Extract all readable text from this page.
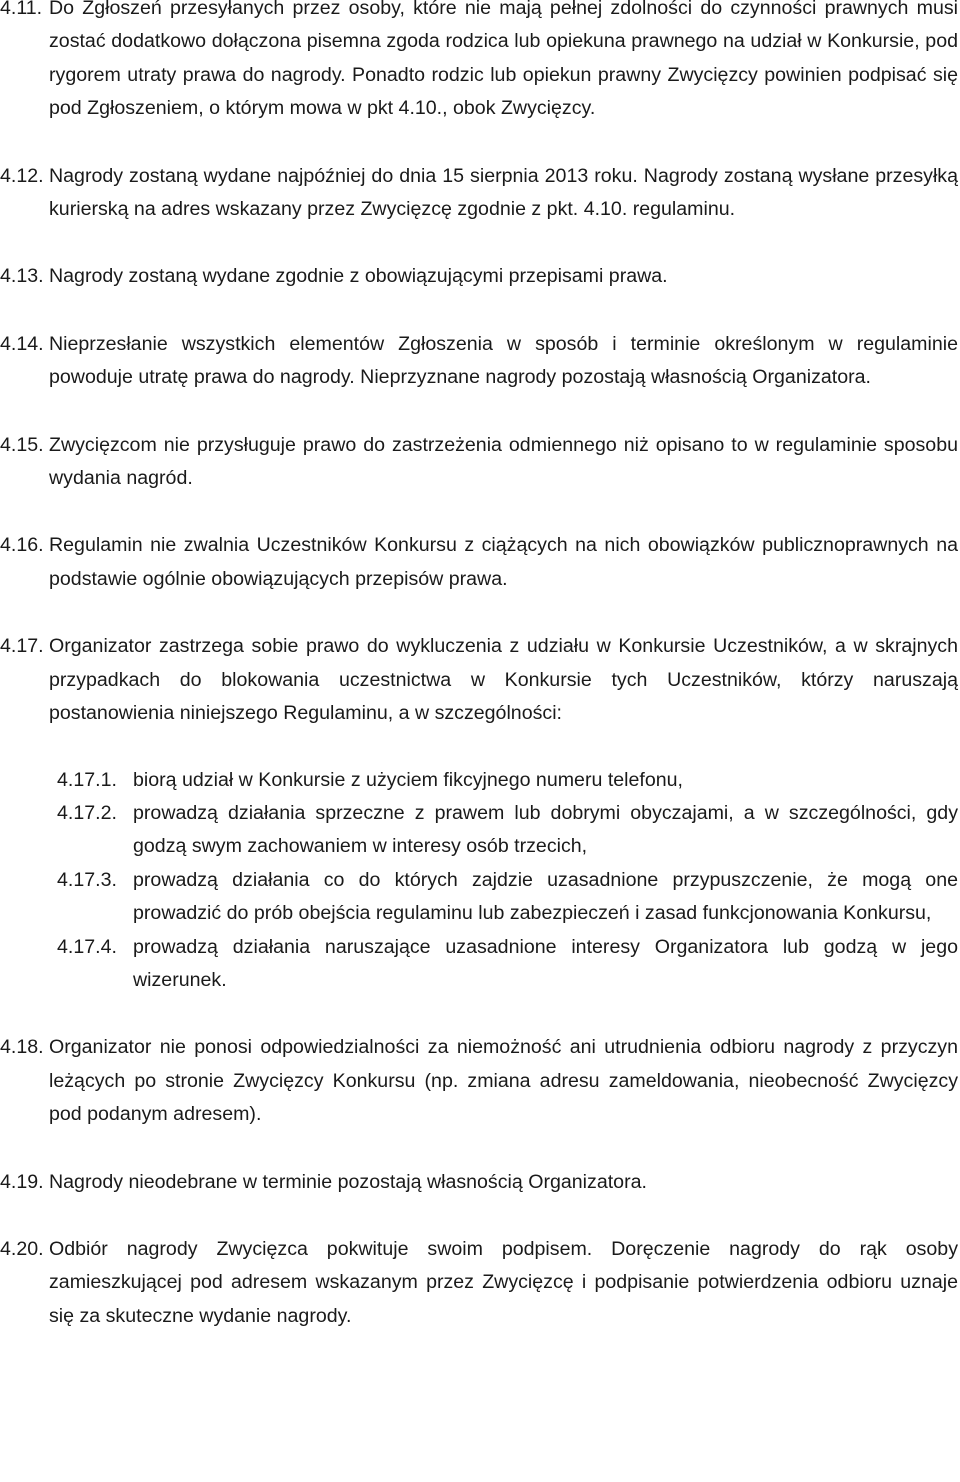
4.11. Do Zgłoszeń przesyłanych przez osoby, które nie mają pełnej zdolności do czynności prawnych musi zostać dodatkowo dołączona pisemna zgoda rodzica lub opiekuna prawnego na udział w Konkursie, pod rygorem utraty prawa do nagrody. Ponadto rodzic lub opiekun prawny Zwycięzcy powinien podpisać się pod Zgłoszeniem, o którym mowa w pkt 4.10., obok Zwycięzcy.
4.12. Nagrody zostaną wydane najpóźniej do dnia 15 sierpnia 2013 roku. Nagrody zostaną wysłane przesyłką kurierską na adres wskazany przez Zwycięzcę zgodnie z pkt. 4.10. regulaminu.
4.13. Nagrody zostaną wydane zgodnie z obowiązującymi przepisami prawa.
4.14. Nieprzesłanie wszystkich elementów Zgłoszenia w sposób i terminie określonym w regulaminie powoduje utratę prawa do nagrody. Nieprzyznane nagrody pozostają własnością Organizatora.
4.15. Zwycięzcom nie przysługuje prawo do zastrzeżenia odmiennego niż opisano to w regulaminie sposobu wydania nagród.
4.16. Regulamin nie zwalnia Uczestników Konkursu z ciążących na nich obowiązków publicznoprawnych na podstawie ogólnie obowiązujących przepisów prawa.
4.17. Organizator zastrzega sobie prawo do wykluczenia z udziału w Konkursie Uczestników, a w skrajnych przypadkach do blokowania uczestnictwa w Konkursie tych Uczestników, którzy naruszają postanowienia niniejszego Regulaminu, a w szczególności:
4.17.1. biorą udział w Konkursie z użyciem fikcyjnego numeru telefonu,
4.17.2. prowadzą działania sprzeczne z prawem lub dobrymi obyczajami, a w szczególności, gdy godzą swym zachowaniem w interesy osób trzecich,
4.17.3. prowadzą działania co do których zajdzie uzasadnione przypuszczenie, że mogą one prowadzić do prób obejścia regulaminu lub zabezpieczeń i zasad funkcjonowania Konkursu,
4.17.4. prowadzą działania naruszające uzasadnione interesy Organizatora lub godzą w jego wizerunek.
4.18. Organizator nie ponosi odpowiedzialności za niemożność ani utrudnienia odbioru nagrody z przyczyn leżących po stronie Zwycięzcy Konkursu (np. zmiana adresu zameldowania, nieobecność Zwycięzcy pod podanym adresem).
4.19. Nagrody nieodebrane w terminie pozostają własnością Organizatora.
4.20. Odbiór nagrody Zwycięzca pokwituje swoim podpisem. Doręczenie nagrody do rąk osoby zamieszkującej pod adresem wskazanym przez Zwycięzcę i podpisanie potwierdzenia odbioru uznaje się za skuteczne wydanie nagrody.
